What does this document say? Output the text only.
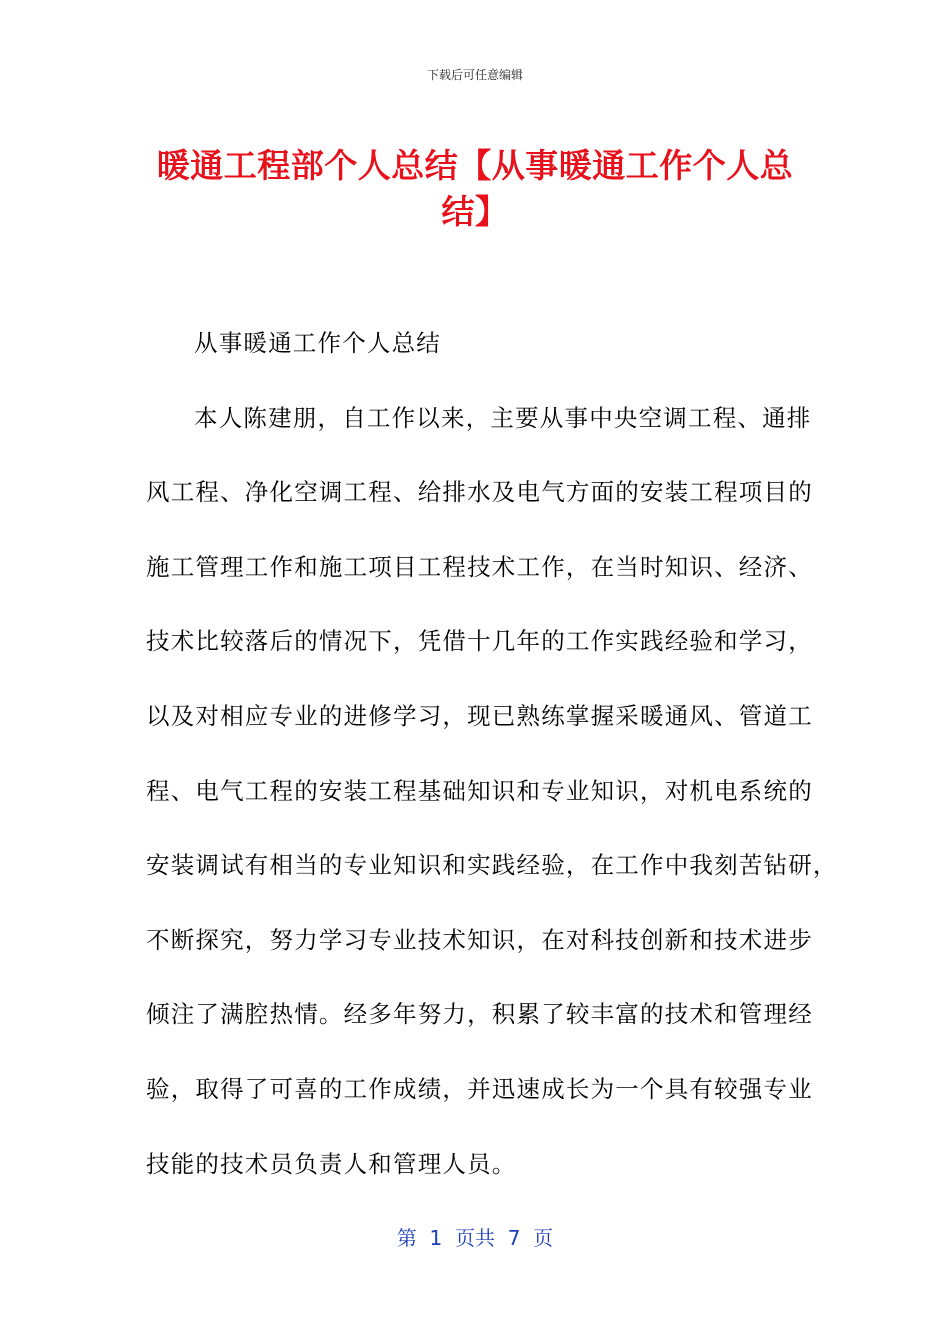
下载后可任意编辑
暖通工程部个人总结【从事暖通工作个人总结】
从事暖通工作个人总结
本人陈建朋，自工作以来，主要从事中央空调工程、通排
风工程、净化空调工程、给排水及电气方面的安装工程项目的
施工管理工作和施工项目工程技术工作，在当时知识、经济、
技术比较落后的情况下，凭借十几年的工作实践经验和学习，
以及对相应专业的进修学习，现已熟练掌握采暖通风、管道工
程、电气工程的安装工程基础知识和专业知识，对机电系统的
安装调试有相当的专业知识和实践经验，在工作中我刻苦钻研，
不断探究，努力学习专业技术知识，在对科技创新和技术进步
倾注了满腔热情。经多年努力，积累了较丰富的技术和管理经
验，取得了可喜的工作成绩，并迅速成长为一个具有较强专业
技能的技术员负责人和管理人员。
第  1  页共  7  页
